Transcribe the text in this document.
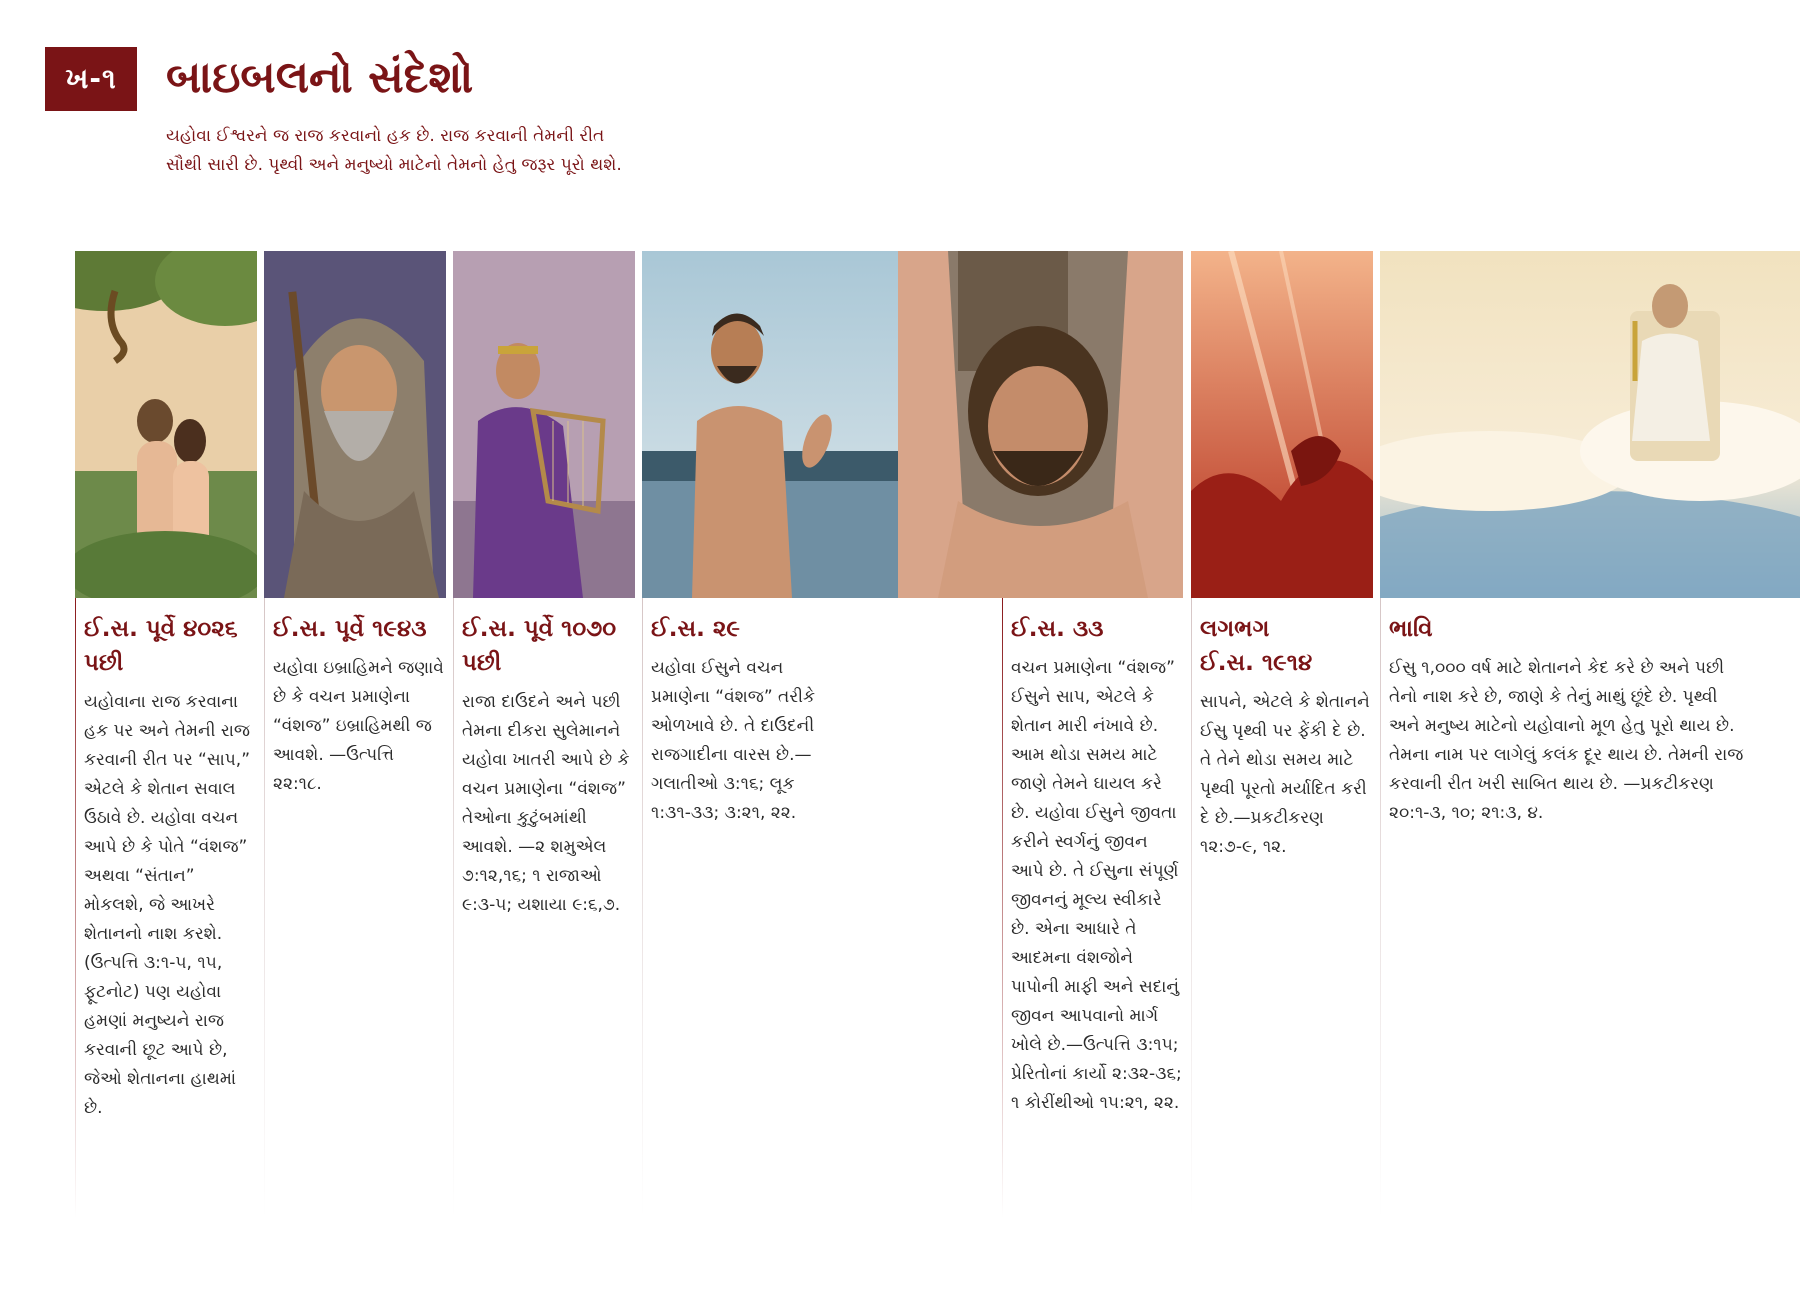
ખ-૧ બાઇબલનો સંદેશો

યહોવા ઈશ્વરને જ રાજ કરવાનો હક છે. રાજ કરવાની તેમની રીત
સૌથી સારી છે. પૃથ્વી અને મનુષ્યો માટેનો તેમનો હેતુ જરૂર પૂરો થશે.

ઈ.સ. પૂર્વે ૪૦૨૬
પછી

યહોવાના રાજ કરવાના હક પર અને તેમની રાજ કરવાની રીત પર “સાપ,” એટલે કે શેતાન સવાલ ઉઠાવે છે. યહોવા વચન આપે છે કે પોતે “વંશજ” અથવા “સંતાન” મોકલશે, જે આખરે શેતાનનો નાશ કરશે. (ઉત્પત્તિ ૩:૧-૫, ૧૫, ફૂટનોટ) પણ યહોવા હમણાં મનુષ્યને રાજ કરવાની છૂટ આપે છે, જેઓ શેતાનના હાથમાં છે.

ઈ.સ. પૂર્વે ૧૯૪૩

યહોવા ઇબ્રાહિમને જણાવે છે કે વચન પ્રમાણેના “વંશજ” ઇબ્રાહિમથી જ આવશે. —ઉત્પત્તિ ૨૨:૧૮.

ઈ.સ. પૂર્વે ૧૦૭૦
પછી

રાજા દાઉદને અને પછી તેમના દીકરા સુલેમાનને યહોવા ખાતરી આપે છે કે વચન પ્રમાણેના “વંશજ” તેઓના કુટુંબમાંથી આવશે. —૨ શમુએલ ૭:૧૨,૧૬; ૧ રાજાઓ ૯:૩-૫; યશાયા ૯:૬,૭.

ઈ.સ. ૨૯

યહોવા ઈસુને વચન પ્રમાણેના “વંશજ” તરીકે ઓળખાવે છે. તે દાઉદની રાજગાદીના વારસ છે.—ગલાતીઓ ૩:૧૬; લૂક ૧:૩૧-૩૩; ૩:૨૧, ૨૨.

ઈ.સ. ૩૩

વચન પ્રમાણેના “વંશજ” ઈસુને સાપ, એટલે કે શેતાન મારી નંખાવે છે. આમ થોડા સમય માટે જાણે તેમને ઘાયલ કરે છે. યહોવા ઈસુને જીવતા કરીને સ્વર્ગનું જીવન આપે છે. તે ઈસુના સંપૂર્ણ જીવનનું મૂલ્ય સ્વીકારે છે. એના આધારે તે આદમના વંશજોને પાપોની માફી અને સદાનું જીવન આપવાનો માર્ગ ખોલે છે.—ઉત્પત્તિ ૩:૧૫; પ્રેરિતોનાં કાર્યો ૨:૩૨-૩૬; ૧ કોરીંથીઓ ૧૫:૨૧, ૨૨.

લગભગ
ઈ.સ. ૧૯૧૪

સાપને, એટલે કે શેતાનને ઈસુ પૃથ્વી પર ફેંકી દે છે. તે તેને થોડા સમય માટે પૃથ્વી પૂરતો મર્યાદિત કરી દે છે.—પ્રકટીકરણ ૧૨:૭-૯, ૧૨.

ભાવિ

ઈસુ ૧,૦૦૦ વર્ષ માટે શેતાનને કેદ કરે છે અને પછી તેનો નાશ કરે છે, જાણે કે તેનું માથું છૂંદે છે. પૃથ્વી અને મનુષ્ય માટેનો યહોવાનો મૂળ હેતુ પૂરો થાય છે. તેમના નામ પર લાગેલું કલંક દૂર થાય છે. તેમની રાજ કરવાની રીત ખરી સાબિત થાય છે. —પ્રકટીકરણ ૨૦:૧-૩, ૧૦; ૨૧:૩, ૪.
